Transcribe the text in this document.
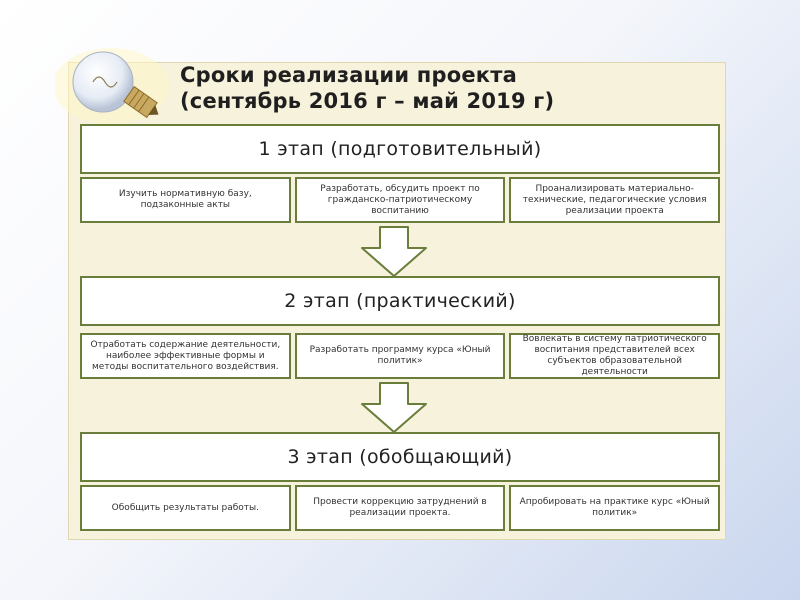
Сроки реализации проекта
(сентябрь 2016 г – май 2019 г)
1 этап (подготовительный)
Изучить нормативную базу, подзаконные акты
Разработать, обсудить проект по гражданско-патриотическому воспитанию
Проанализировать материально-технические, педагогические условия реализации проекта
2 этап (практический)
Отработать содержание деятельности, наиболее эффективные формы и методы воспитательного воздействия.
Разработать программу курса «Юный политик»
Вовлекать в систему патриотического воспитания представителей всех субъектов образовательной деятельности
3 этап (обобщающий)
Обобщить результаты работы.
Провести коррекцию затруднений в реализации проекта.
Апробировать на практике курс «Юный политик»
